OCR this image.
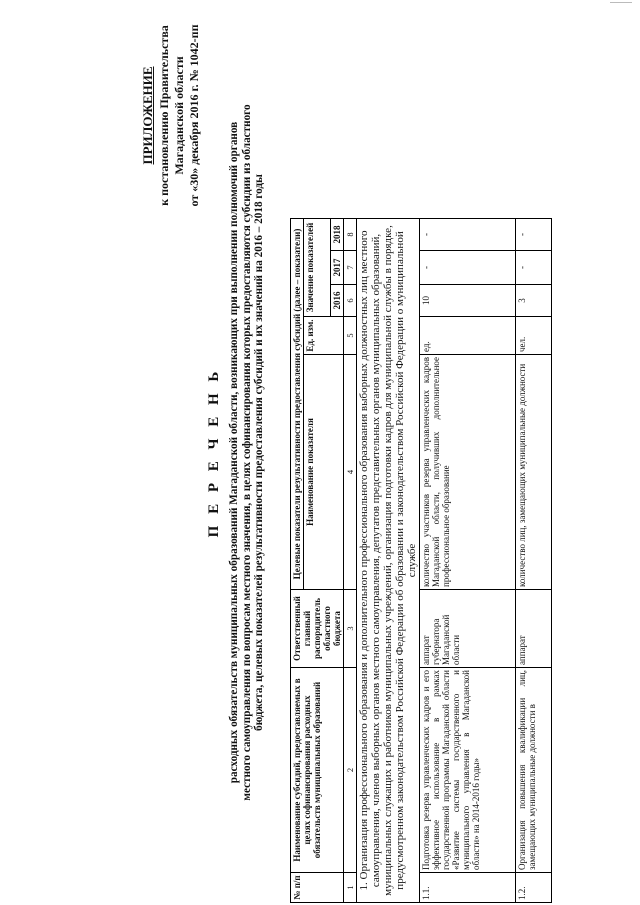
ПРИЛОЖЕНИЕ к постановлению Правительства Магаданской области от «30» декабря 2016 г. № 1042-пп
П Е Р Е Ч Е Н Ь расходных обязательств муниципальных образований Магаданской области, возникающих при выполнении полномочий органов местного самоуправления по вопросам местного значения, в целях софинансирования которых предоставляются субсидии из областного бюджета, целевых показателей результативности предоставления субсидий и их значений на 2016 – 2018 годы
№ п/п	Наименование субсидий, предоставляемых в целях софинансирования расходных обязательств муниципальных образований	Ответственный главный распорядитель областного бюджета	Целевые показатели результативности предоставления субсидий (далее – показатели)					
			Наименование показателя	Ед. изм.	Значение показателей			
					2016	2017	2018	
1	2	3	4	5	6	7	8	
1. Организация профессионального образования и дополнительного профессионального образования выборных должностных лиц местного самоуправления, членов выборных органов местного самоуправления, депутатов представительных органов муниципальных образований, муниципальных служащих и работников муниципальных учреждений, организация подготовки кадров для муниципальной службы в порядке, предусмотренном законодательством Российской Федерации об образовании и законодательством Российской Федерации о муниципальной службе								
1.1.	Подготовка резерва управленческих кадров и его эффективное использование в рамках государственной программы Магаданской области «Развитие системы государственного и муниципального управления в Магаданской области» на 2014-2016 годы»	аппарат губернатора Магаданской области	количество участников резерва управленческих кадров Магаданской области, получивших дополнительное профессиональное образование	ед.	10	-	-	
1.2.	Организация повышения квалификации лиц, замещающих муниципальные должности в	аппарат	количество лиц, замещающих муниципальные должности	чел.	3	-	-	
